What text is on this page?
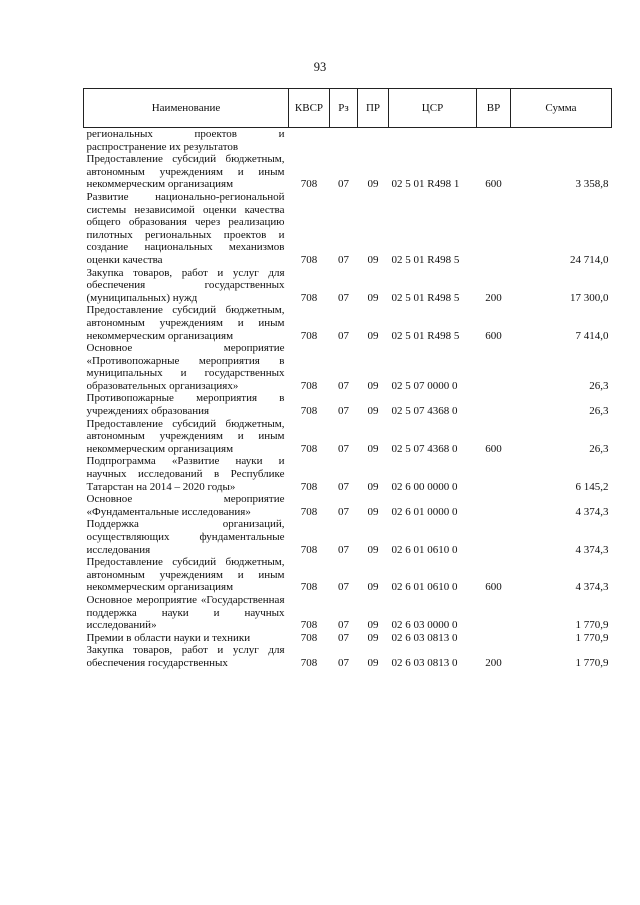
93
Наименование	КВСР	Рз	ПР	ЦСР	ВР	Сумма
региональных проектов и распространение их результатов						
Предоставление субсидий бюджетным, автономным учреждениям и иным некоммерческим организациям	708	07	09	02 5 01 R498 1	600	3 358,8
Развитие национально-региональной системы независимой оценки качества общего образования через реализацию пилотных региональных проектов и создание национальных механизмов оценки качества	708	07	09	02 5 01 R498 5		24 714,0
Закупка товаров, работ и услуг для обеспечения государственных (муниципальных) нужд	708	07	09	02 5 01 R498 5	200	17 300,0
Предоставление субсидий бюджетным, автономным учреждениям и иным некоммерческим организациям	708	07	09	02 5 01 R498 5	600	7 414,0
Основное мероприятие «Противопожарные мероприятия в муниципальных и государственных образовательных организациях»	708	07	09	02 5 07 0000 0		26,3
Противопожарные мероприятия в учреждениях образования	708	07	09	02 5 07 4368 0		26,3
Предоставление субсидий бюджетным, автономным учреждениям и иным некоммерческим организациям	708	07	09	02 5 07 4368 0	600	26,3
Подпрограмма «Развитие науки и научных исследований в Республике Татарстан на 2014 – 2020 годы»	708	07	09	02 6 00 0000 0		6 145,2
Основное мероприятие «Фундаментальные исследования»	708	07	09	02 6 01 0000 0		4 374,3
Поддержка организаций, осуществляющих фундаментальные исследования	708	07	09	02 6 01 0610 0		4 374,3
Предоставление субсидий бюджетным, автономным учреждениям и иным некоммерческим организациям	708	07	09	02 6 01 0610 0	600	4 374,3
Основное мероприятие «Государственная поддержка науки и научных исследований»	708	07	09	02 6 03 0000 0		1 770,9
Премии в области науки и техники	708	07	09	02 6 03 0813 0		1 770,9
Закупка товаров, работ и услуг для обеспечения государственных	708	07	09	02 6 03 0813 0	200	1 770,9
